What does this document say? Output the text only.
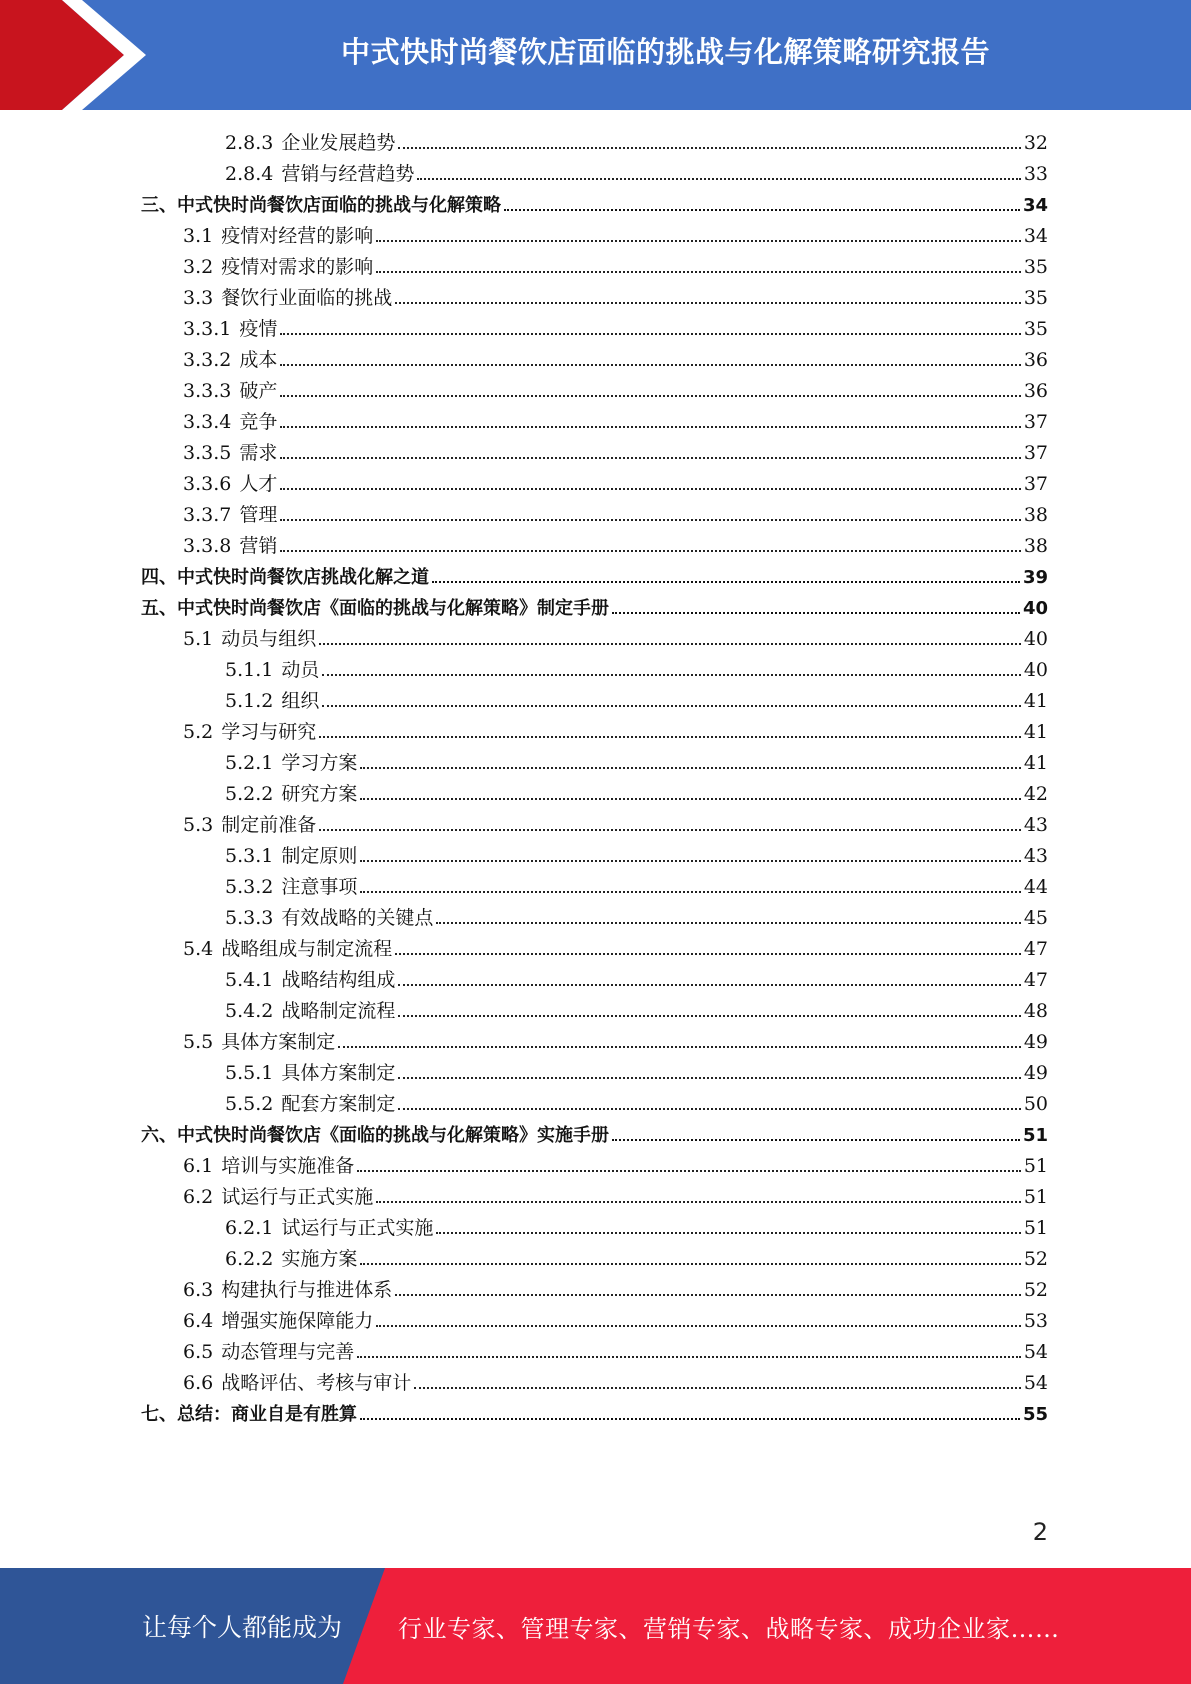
中式快时尚餐饮店面临的挑战与化解策略研究报告
2.8.3 企业发展趋势	32
2.8.4 营销与经营趋势	33
三、中式快时尚餐饮店面临的挑战与化解策略	34
3.1 疫情对经营的影响	34
3.2 疫情对需求的影响	35
3.3 餐饮行业面临的挑战	35
3.3.1 疫情	35
3.3.2 成本	36
3.3.3 破产	36
3.3.4 竞争	37
3.3.5 需求	37
3.3.6 人才	37
3.3.7 管理	38
3.3.8 营销	38
四、中式快时尚餐饮店挑战化解之道	39
五、中式快时尚餐饮店《面临的挑战与化解策略》制定手册	40
5.1 动员与组织	40
5.1.1 动员	40
5.1.2 组织	41
5.2 学习与研究	41
5.2.1 学习方案	41
5.2.2 研究方案	42
5.3 制定前准备	43
5.3.1 制定原则	43
5.3.2 注意事项	44
5.3.3 有效战略的关键点	45
5.4 战略组成与制定流程	47
5.4.1 战略结构组成	47
5.4.2 战略制定流程	48
5.5 具体方案制定	49
5.5.1 具体方案制定	49
5.5.2 配套方案制定	50
六、中式快时尚餐饮店《面临的挑战与化解策略》实施手册	51
6.1 培训与实施准备	51
6.2 试运行与正式实施	51
6.2.1 试运行与正式实施	51
6.2.2 实施方案	52
6.3 构建执行与推进体系	52
6.4 增强实施保障能力	53
6.5 动态管理与完善	54
6.6 战略评估、考核与审计	54
七、总结：商业自是有胜算	55
2
让每个人都能成为 行业专家、管理专家、营销专家、战略专家、成功企业家……
